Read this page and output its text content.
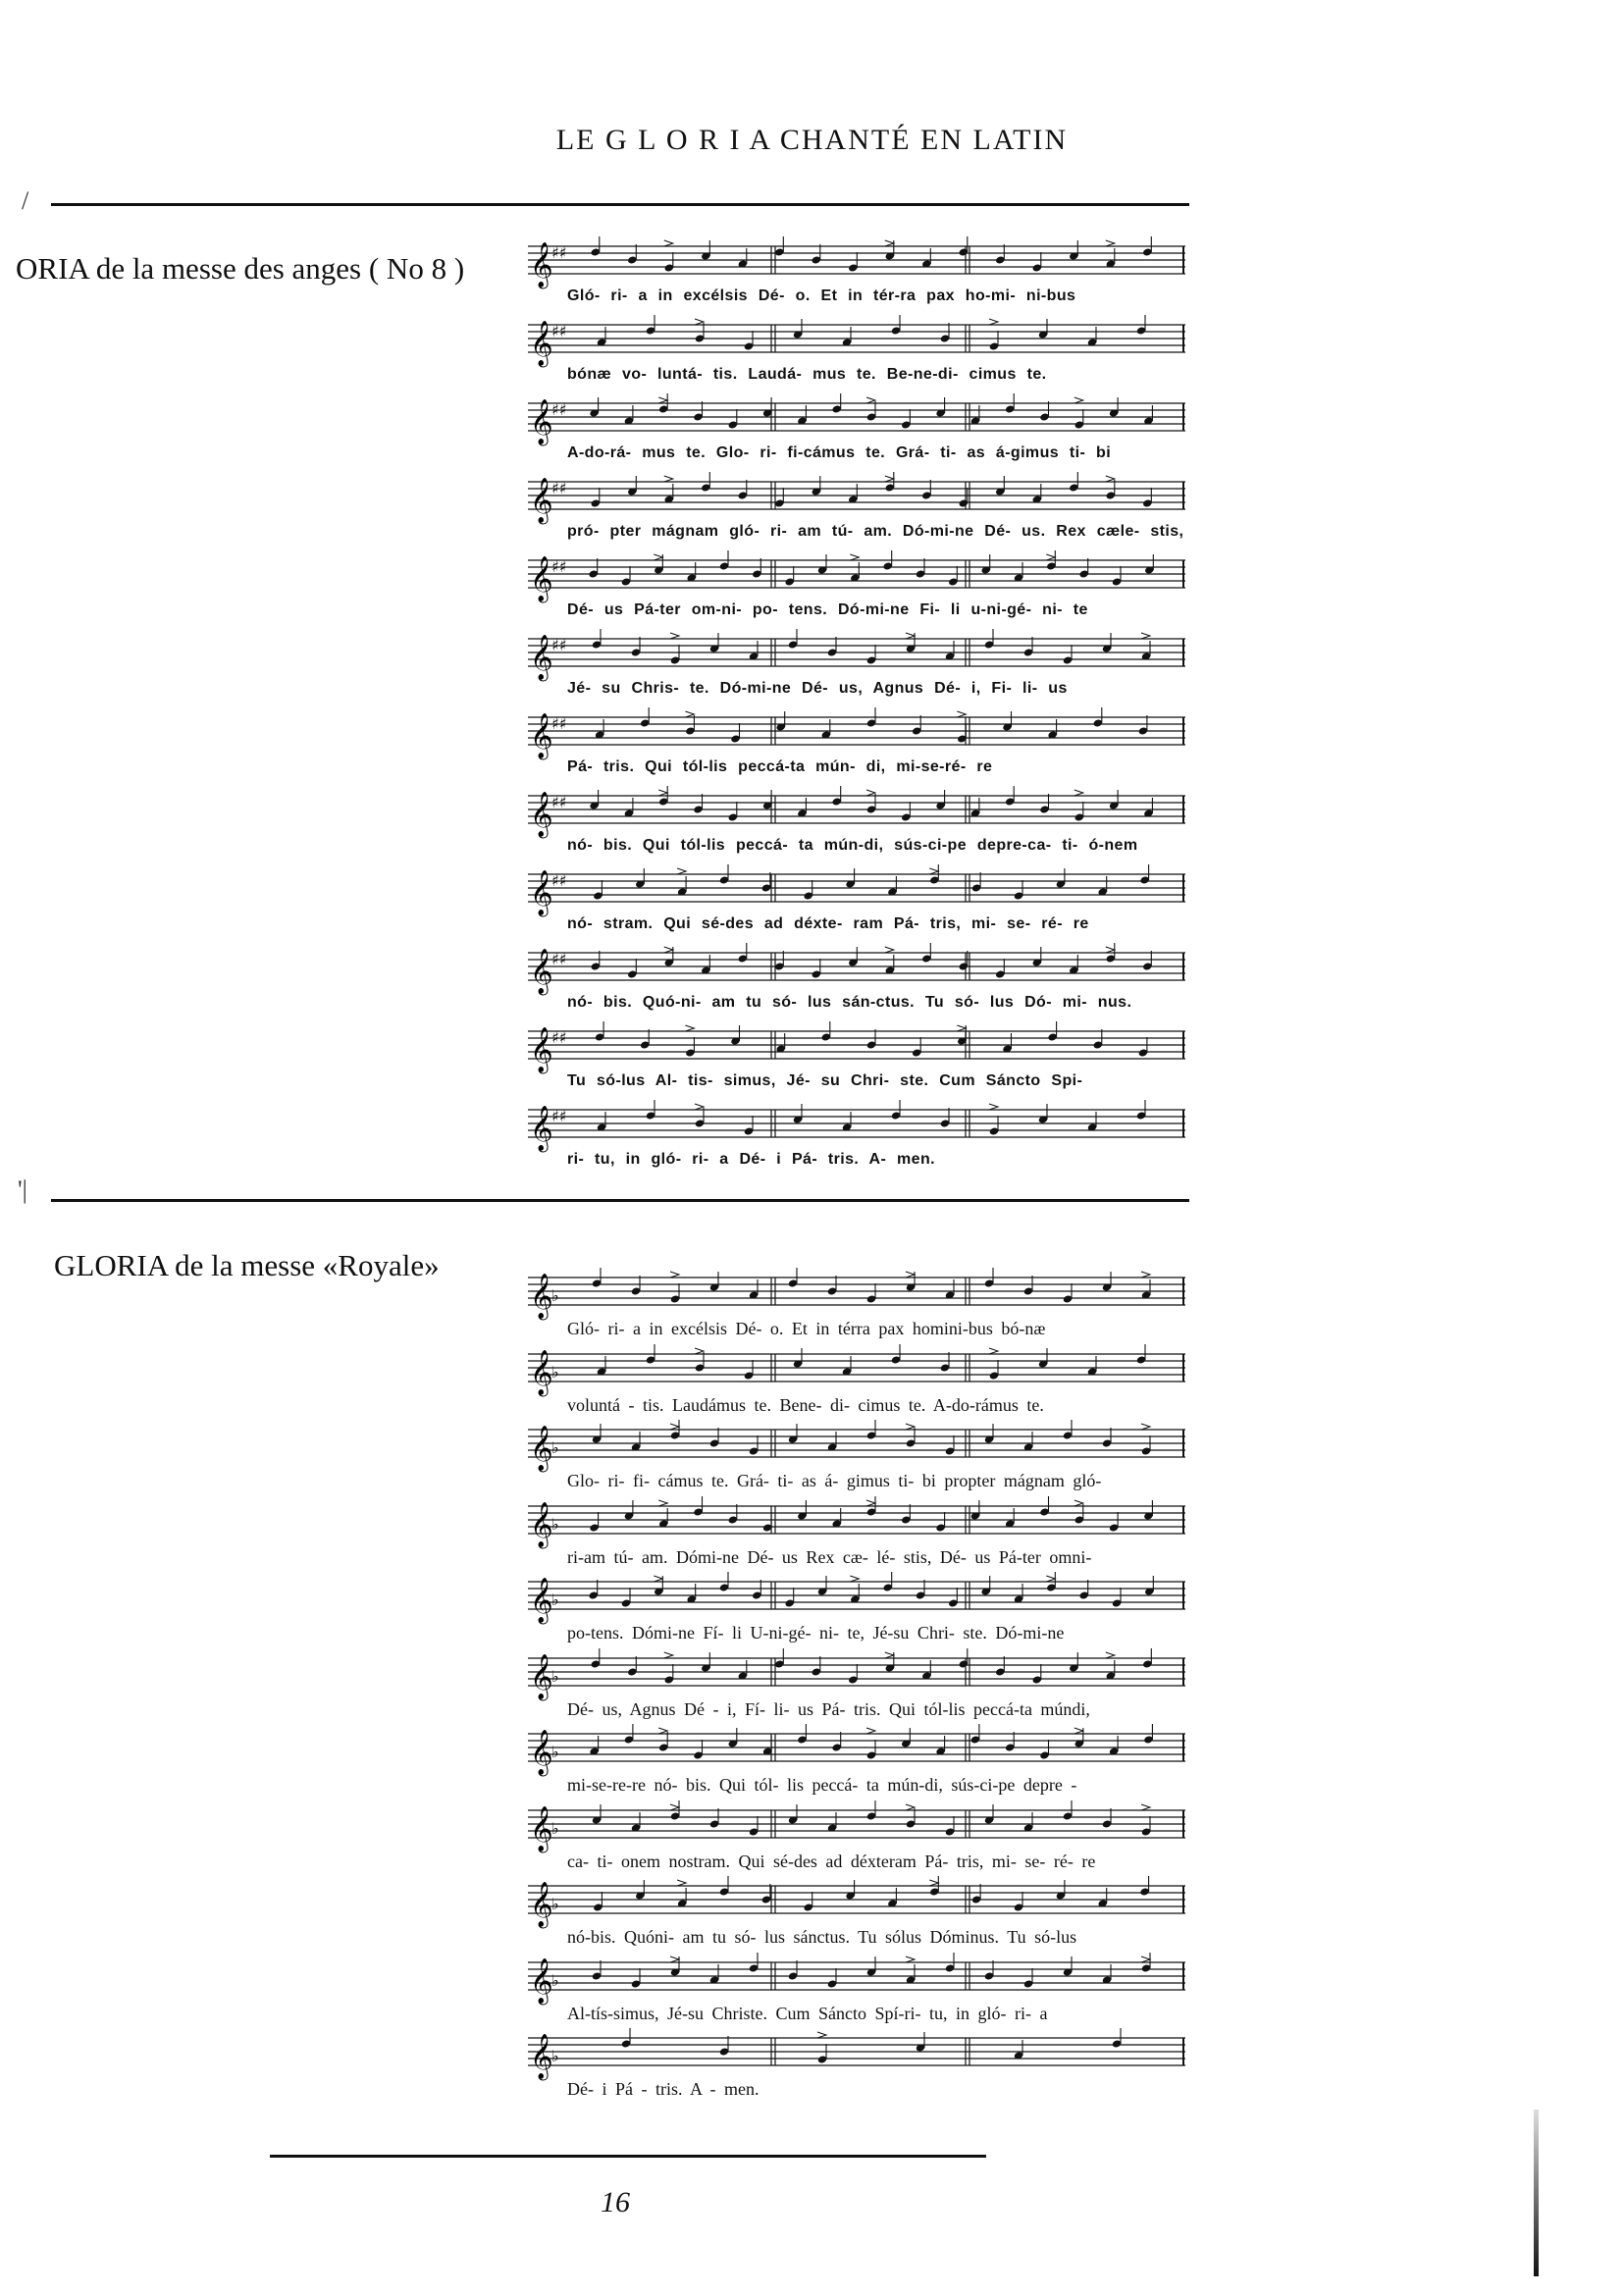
LE G L O R I A CHANTÉ EN LATIN
/
ORIA de la messe des anges ( No 8 ) 𝄞
♯♯
Gló- ri- a in excélsis Dé- o. Et in tér-ra pax ho-mi- ni-bus
𝄞
♯♯
bónæ vo- luntá- tis. Laudá- mus te. Be-ne-di- cimus te.
𝄞
♯♯
A-do-rá- mus te. Glo- ri- fi-cámus te. Grá- ti- as á-gimus ti- bi
𝄞
♯♯
pró- pter mágnam gló- ri- am tú- am. Dó-mi-ne Dé- us. Rex cæle- stis,
𝄞
♯♯
Dé- us Pá-ter om-ni- po- tens. Dó-mi-ne Fi- li u-ni-gé- ni- te
𝄞
♯♯
Jé- su Chris- te. Dó-mi-ne Dé- us, Agnus Dé- i, Fi- li- us
𝄞
♯♯
Pá- tris. Qui tól-lis peccá-ta mún- di, mi-se-ré- re
𝄞
♯♯
nó- bis. Qui tól-lis peccá- ta mún-di, sús-ci-pe depre-ca- ti- ó-nem
𝄞
♯♯
nó- stram. Qui sé-des ad déxte- ram Pá- tris, mi- se- ré- re
𝄞
♯♯
nó- bis. Quó-ni- am tu só- lus sán-ctus. Tu só- lus Dó- mi- nus.
𝄞
♯♯
Tu só-lus Al- tis- simus, Jé- su Chri- ste. Cum Sáncto Spi-
𝄞
♯♯
ri- tu, in gló- ri- a Dé- i Pá- tris. A- men.
'|
GLORIA de la messe «Royale»
𝄞
♭
Gló- ri- a in excélsis Dé- o. Et in térra pax homini-bus bó-næ
𝄞
♭
voluntá - tis. Laudámus te. Bene- di- cimus te. A-do-rámus te.
𝄞
♭
Glo- ri- fi- cámus te. Grá- ti- as á- gimus ti- bi propter mágnam gló-
𝄞
♭
ri-am tú- am. Dómi-ne Dé- us Rex cæ- lé- stis, Dé- us Pá-ter omni-
𝄞
♭
po-tens. Dómi-ne Fí- li U-ni-gé- ni- te, Jé-su Chri- ste. Dó-mi-ne
𝄞
♭
Dé- us, Agnus Dé - i, Fí- li- us Pá- tris. Qui tól-lis peccá-ta múndi,
𝄞
♭
mi-se-re-re nó- bis. Qui tól- lis peccá- ta mún-di, sús-ci-pe depre -
𝄞
♭
ca- ti- onem nostram. Qui sé-des ad déxteram Pá- tris, mi- se- ré- re
𝄞
♭
nó-bis. Quóni- am tu só- lus sánctus. Tu sólus Dóminus. Tu só-lus
𝄞
♭
Al-tís-simus, Jé-su Christe. Cum Sáncto Spí-ri- tu, in gló- ri- a
𝄞
♭
Dé- i Pá - tris. A - men.
16
